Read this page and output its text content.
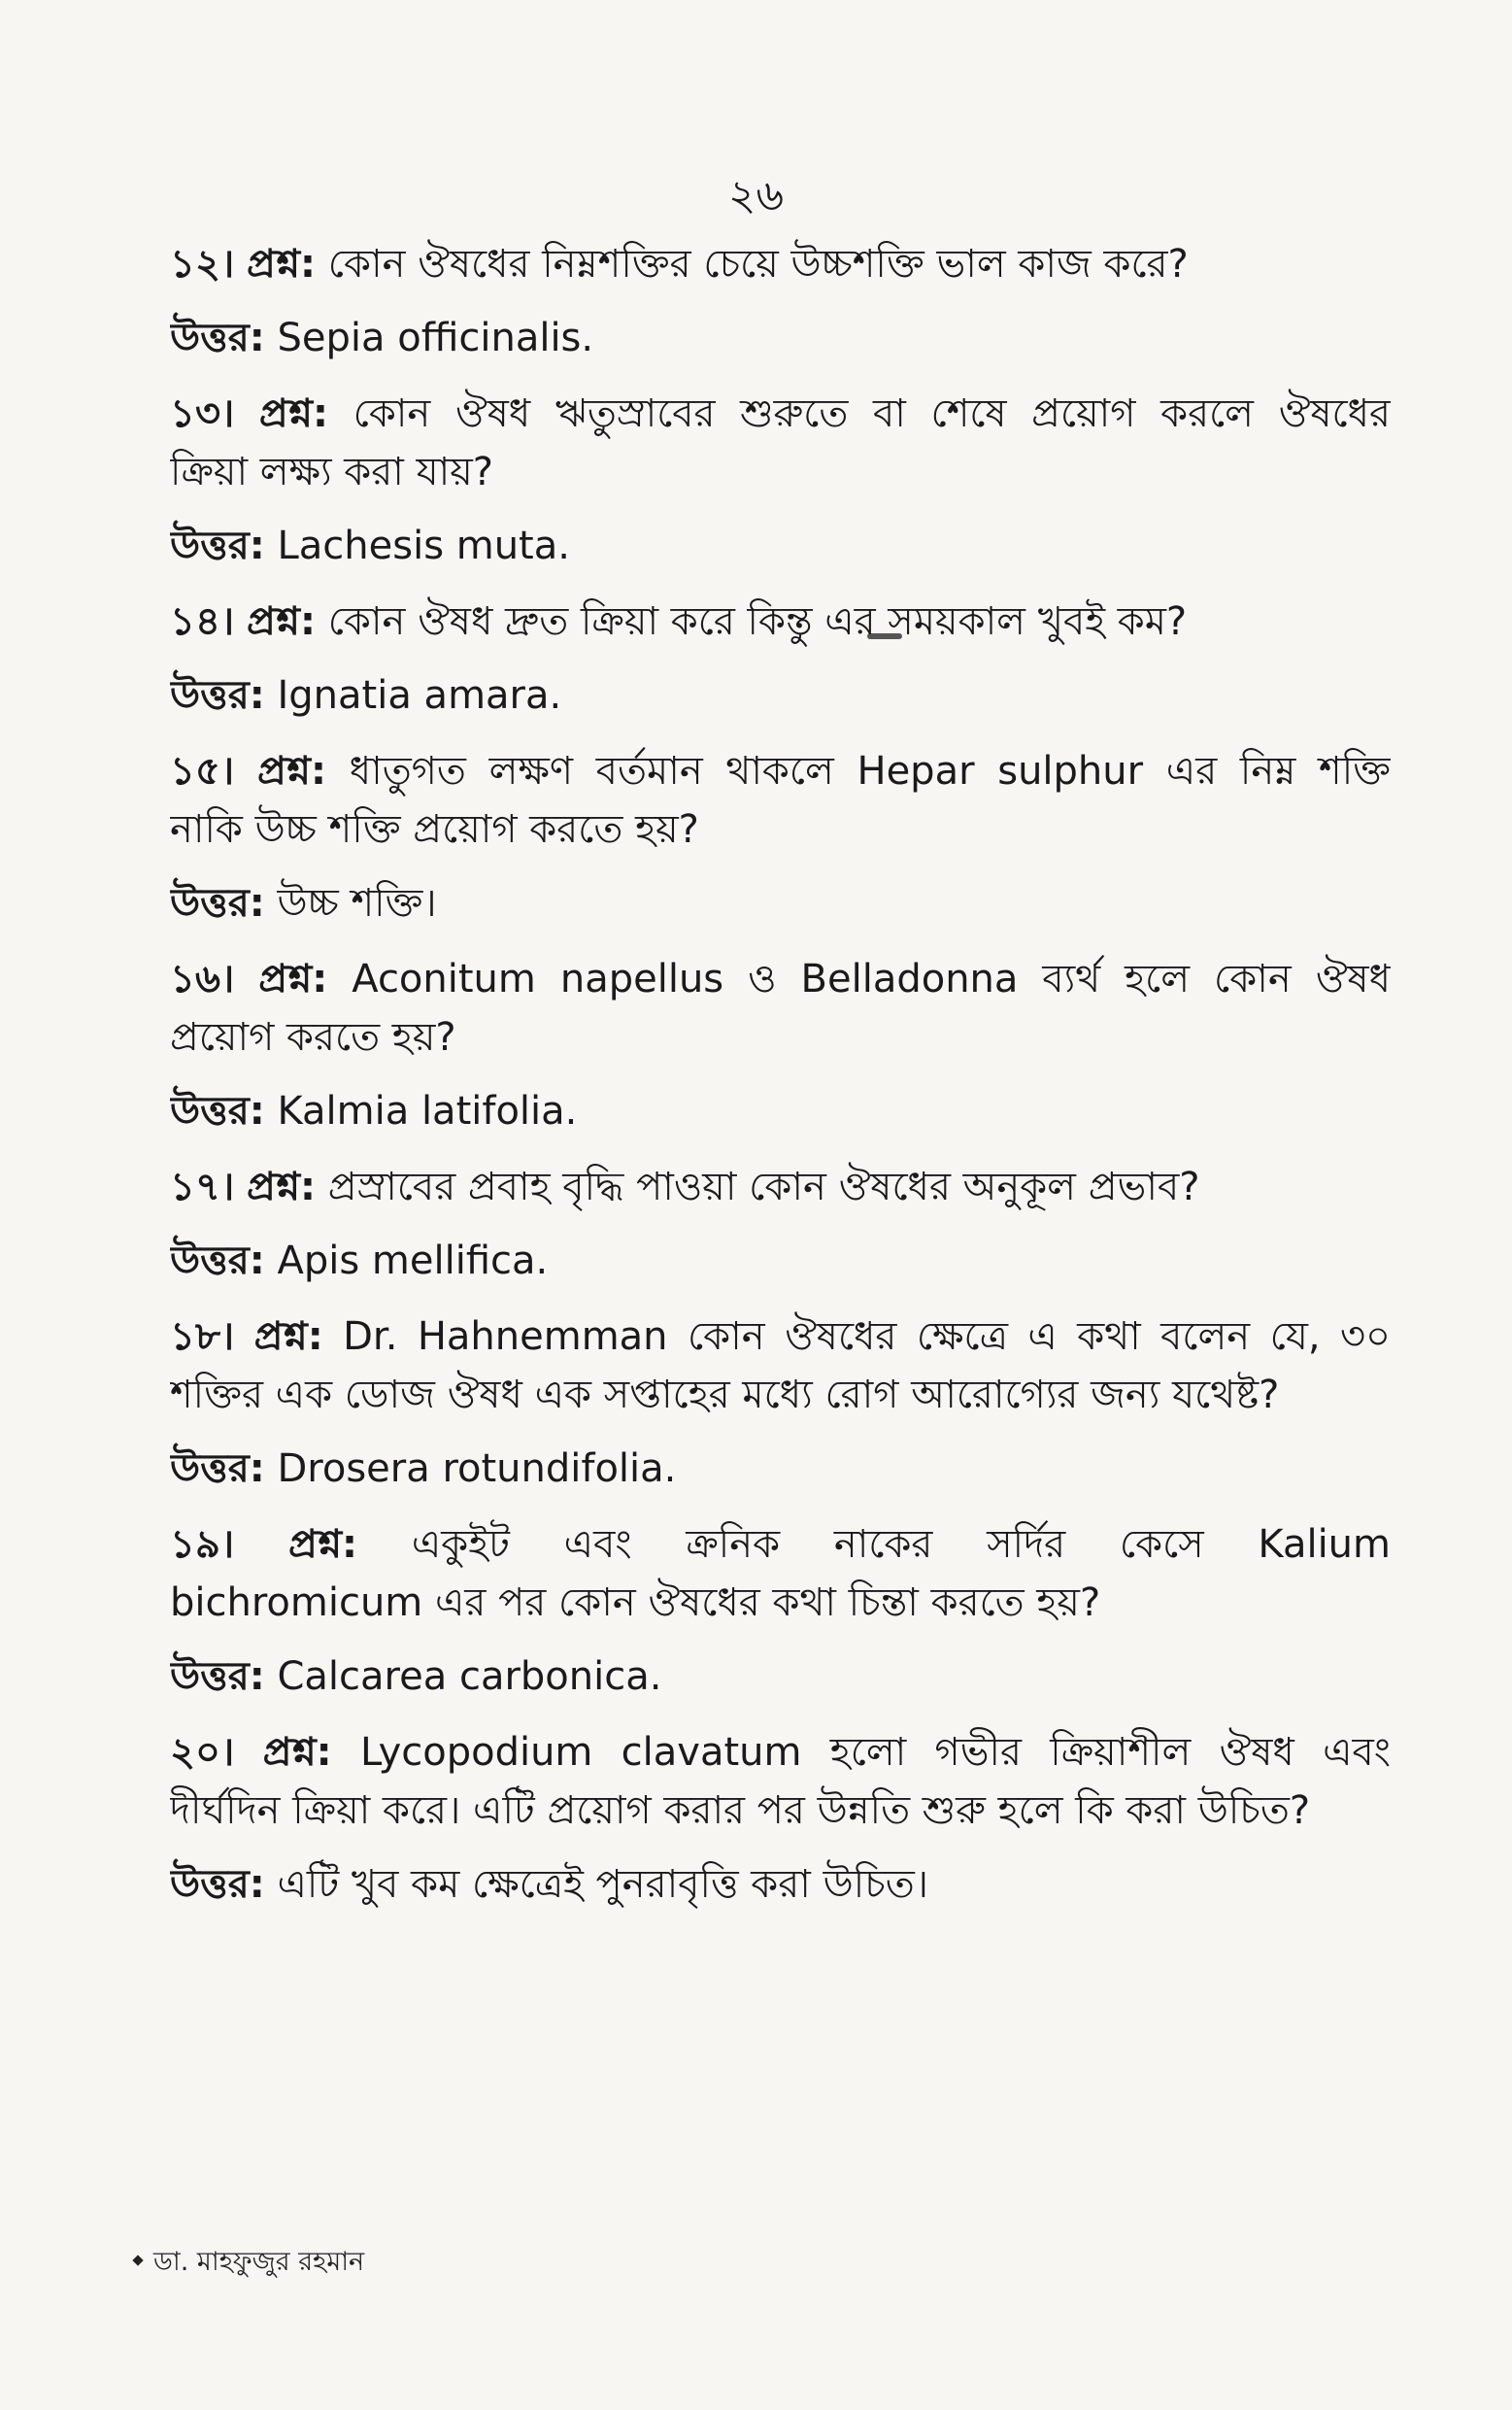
২৬
১২। প্রশ্ন: কোন ঔষধের নিম্নশক্তির চেয়ে উচ্চশক্তি ভাল কাজ করে?
উত্তর: Sepia officinalis.
১৩। প্রশ্ন: কোন ঔষধ ঋতুস্রাবের শুরুতে বা শেষে প্রয়োগ করলে ঔষধের
ক্রিয়া লক্ষ্য করা যায়?
উত্তর: Lachesis muta.
১৪। প্রশ্ন: কোন ঔষধ দ্রুত ক্রিয়া করে কিন্তু এর সময়কাল খুবই কম?
উত্তর: Ignatia amara.
১৫। প্রশ্ন: ধাতুগত লক্ষণ বর্তমান থাকলে Hepar sulphur এর নিম্ন শক্তি
নাকি উচ্চ শক্তি প্রয়োগ করতে হয়?
উত্তর: উচ্চ শক্তি।
১৬। প্রশ্ন: Aconitum napellus ও Belladonna ব্যর্থ হলে কোন ঔষধ
প্রয়োগ করতে হয়?
উত্তর: Kalmia latifolia.
১৭। প্রশ্ন: প্রস্রাবের প্রবাহ বৃদ্ধি পাওয়া কোন ঔষধের অনুকূল প্রভাব?
উত্তর: Apis mellifica.
১৮। প্রশ্ন: Dr. Hahnemman কোন ঔষধের ক্ষেত্রে এ কথা বলেন যে, ৩০
শক্তির এক ডোজ ঔষধ এক সপ্তাহের মধ্যে রোগ আরোগ্যের জন্য যথেষ্ট?
উত্তর: Drosera rotundifolia.
১৯। প্রশ্ন: একুইট এবং ক্রনিক নাকের সর্দির কেসে Kalium
bichromicum এর পর কোন ঔষধের কথা চিন্তা করতে হয়?
উত্তর: Calcarea carbonica.
২০। প্রশ্ন: Lycopodium clavatum হলো গভীর ক্রিয়াশীল ঔষধ এবং
দীর্ঘদিন ক্রিয়া করে। এটি প্রয়োগ করার পর উন্নতি শুরু হলে কি করা উচিত?
উত্তর: এটি খুব কম ক্ষেত্রেই পুনরাবৃত্তি করা উচিত।
ডা. মাহফুজুর রহমান
